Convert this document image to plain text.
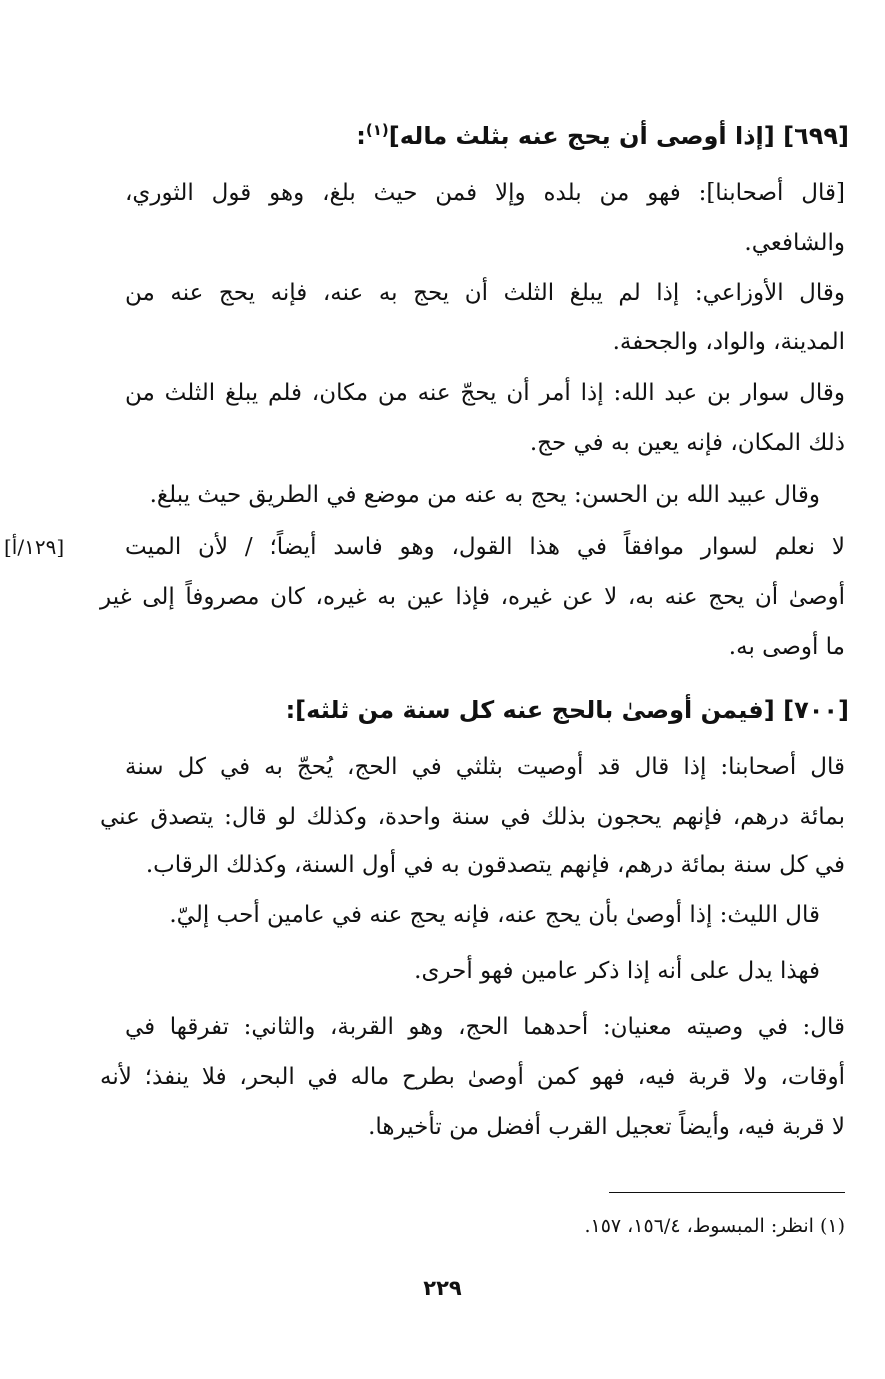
[٦٩٩] [إذا أوصى أن يحج عنه بثلث ماله]$^{(١)}$:
[قال أصحابنا]: فهو من بلده وإلا فمن حيث بلغ، وهو قول الثوري،
والشافعي.
وقال الأوزاعي: إذا لم يبلغ الثلث أن يحج به عنه، فإنه يحج عنه من
المدينة، والواد، والجحفة.
وقال سوار بن عبد الله: إذا أمر أن يحجّ عنه من مكان، فلم يبلغ الثلث من
ذلك المكان، فإنه يعين به في حج.
وقال عبيد الله بن الحسن: يحج به عنه من موضع في الطريق حيث يبلغ.
لا نعلم لسوار موافقاً في هذا القول، وهو فاسد أيضاً؛ / لأن الميت
أوصىٰ أن يحج عنه به، لا عن غيره، فإذا عين به غيره، كان مصروفاً إلى غير
ما أوصى به.
[١٢٩/أ]
[٧٠٠] [فيمن أوصىٰ بالحج عنه كل سنة من ثلثه]:
قال أصحابنا: إذا قال قد أوصيت بثلثي في الحج، يُحجّ به في كل سنة
بمائة درهم، فإنهم يحجون بذلك في سنة واحدة، وكذلك لو قال: يتصدق عني
في كل سنة بمائة درهم، فإنهم يتصدقون به في أول السنة، وكذلك الرقاب.
قال الليث: إذا أوصىٰ بأن يحج عنه، فإنه يحج عنه في عامين أحب إليّ.
فهذا يدل على أنه إذا ذكر عامين فهو أحرى.
قال: في وصيته معنيان: أحدهما الحج، وهو القربة، والثاني: تفرقها في
أوقات، ولا قربة فيه، فهو كمن أوصىٰ بطرح ماله في البحر، فلا ينفذ؛ لأنه
لا قربة فيه، وأيضاً تعجيل القرب أفضل من تأخيرها.
(١) انظر: المبسوط، ١٥٦/٤، ١٥٧.
٢٢٩
